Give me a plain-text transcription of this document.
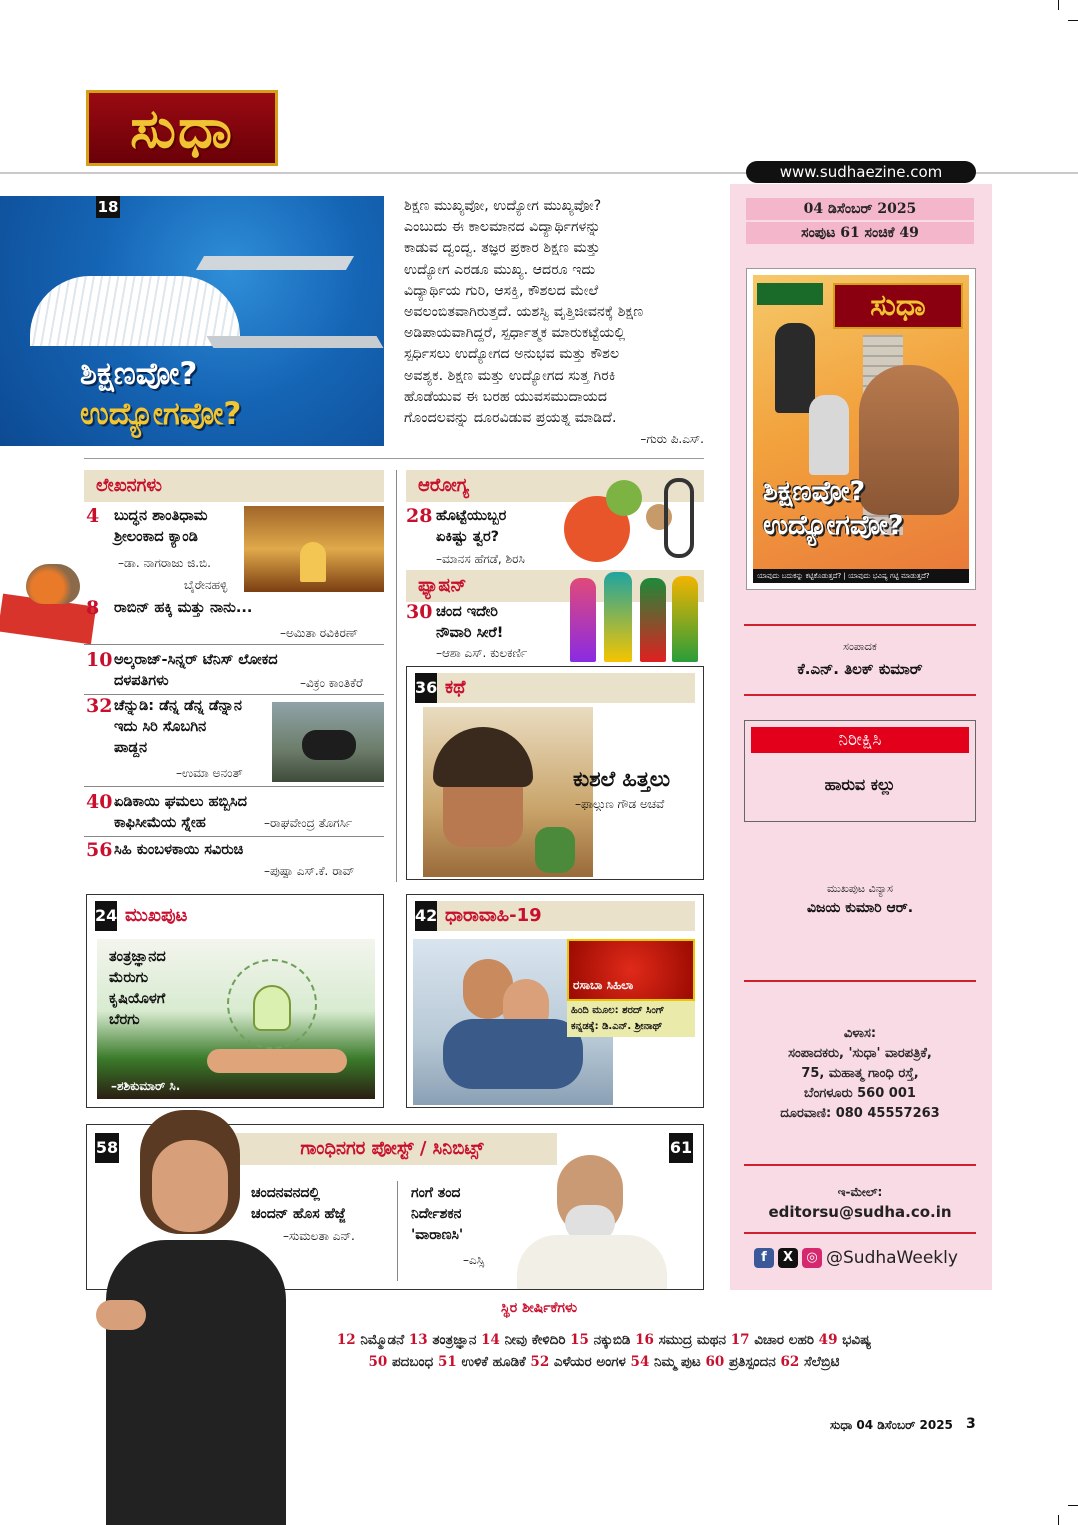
ಸುಧಾ
www.sudhaezine.com
18
ಶಿಕ್ಷಣವೋ?
ಉದ್ಯೋಗವೋ?
ಶಿಕ್ಷಣ ಮುಖ್ಯವೋ, ಉದ್ಯೋಗ ಮುಖ್ಯವೋ?
ಎಂಬುದು ಈ ಕಾಲಮಾನದ ವಿದ್ಯಾರ್ಥಿಗಳನ್ನು
ಕಾಡುವ ದ್ವಂದ್ವ. ತಜ್ಞರ ಪ್ರಕಾರ ಶಿಕ್ಷಣ ಮತ್ತು
ಉದ್ಯೋಗ ಎರಡೂ ಮುಖ್ಯ. ಆದರೂ ಇದು
ವಿದ್ಯಾರ್ಥಿಯ ಗುರಿ, ಆಸಕ್ತಿ, ಕೌಶಲದ ಮೇಲೆ
ಅವಲಂಬಿತವಾಗಿರುತ್ತದೆ. ಯಶಸ್ವಿ ವೃತ್ತಿಜೀವನಕ್ಕೆ ಶಿಕ್ಷಣ
ಅಡಿಪಾಯವಾಗಿದ್ದರೆ, ಸ್ಪರ್ಧಾತ್ಮಕ ಮಾರುಕಟ್ಟೆಯಲ್ಲಿ
ಸ್ಪರ್ಧಿಸಲು ಉದ್ಯೋಗದ ಅನುಭವ ಮತ್ತು ಕೌಶಲ
ಅವಶ್ಯಕ. ಶಿಕ್ಷಣ ಮತ್ತು ಉದ್ಯೋಗದ ಸುತ್ತ ಗಿರಕಿ
ಹೊಡೆಯುವ ಈ ಬರಹ ಯುವಸಮುದಾಯದ
ಗೊಂದಲವನ್ನು ದೂರವಿಡುವ ಪ್ರಯತ್ನ ಮಾಡಿದೆ.
–ಗುರು ಪಿ.ಎಸ್.
04 ಡಿಸೆಂಬರ್ 2025
ಸಂಪುಟ 61 ಸಂಚಿಕೆ 49
ಸುಧಾ
ಶಿಕ್ಷಣವೋ?
ಉದ್ಯೋಗವೋ?
ಯಾವುದು ಬದುಕನ್ನು ಕಟ್ಟಿಕೊಡುತ್ತದೆ? | ಯಾವುದು ಭವಿಷ್ಯ ಗಟ್ಟಿ ಮಾಡುತ್ತದೆ?
ಸಂಪಾದಕ
ಕೆ.ಎನ್. ತಿಲಕ್ ಕುಮಾರ್
ನಿರೀಕ್ಷಿಸಿ
ಹಾರುವ ಕಲ್ಲು
ಮುಖಪುಟ ವಿನ್ಯಾಸ
ವಿಜಯ ಕುಮಾರಿ ಆರ್.
ವಿಳಾಸ:
ಸಂಪಾದಕರು, 'ಸುಧಾ' ವಾರಪತ್ರಿಕೆ,
75, ಮಹಾತ್ಮ ಗಾಂಧಿ ರಸ್ತೆ,
ಬೆಂಗಳೂರು 560 001
ದೂರವಾಣಿ: 080 45557263
ಇ-ಮೇಲ್:
editorsu@sudha.co.in
f	X	◎ @SudhaWeekly
ಲೇಖನಗಳು
4	ಬುದ್ಧನ ಶಾಂತಿಧಾಮ
ಶ್ರೀಲಂಕಾದ ಕ್ಯಾಂಡಿ
–ಡಾ. ನಾಗರಾಜು ಜಿ.ಬಿ.
ಬೈರೇನಹಳ್ಳಿ
8	ರಾಬಿನ್ ಹಕ್ಕಿ ಮತ್ತು ನಾನು...
–ಅಮಿತಾ ರವಿಕಿರಣ್
10 ಅಲ್ಕರಾಜ್-ಸಿನ್ನರ್ ಟೆನಿಸ್ ಲೋಕದ
ದಳಪತಿಗಳು	–ವಿಕ್ರಂ ಕಾಂತಿಕೆರೆ
32 ಚೆನ್ನುಡಿ: ಡೆನ್ನ ಡೆನ್ನ ಡೆನ್ನಾನ
ಇದು ಸಿರಿ ಸೊಬಗಿನ
ಪಾಡ್ದನ
–ಉಮಾ ಅನಂತ್
40 ಏಡಿಕಾಯಿ ಘಮಲು ಹಬ್ಬಿಸಿದ
ಕಾಫಿಸೀಮೆಯ ಸ್ನೇಹ	–ರಾಘವೇಂದ್ರ ತೊಗರ್ಸಿ
56 ಸಿಹಿ ಕುಂಬಳಕಾಯಿ ಸವಿರುಚಿ
–ಪುಷ್ಪಾ ಎಸ್.ಕೆ. ರಾವ್
ಆರೋಗ್ಯ
28 ಹೊಟ್ಟೆಯುಬ್ಬರ
ಏಕಿಷ್ಟು ತ್ವರ?
–ಮಾನಸ ಹೆಗಡೆ, ಶಿರಸಿ
ಫ್ಯಾಷನ್
30 ಚಂದ ಇದೇರಿ
ನೌವಾರಿ ಸೀರೆ!
–ಆಶಾ ಎಸ್. ಕುಲಕರ್ಣಿ
36 ಕಥೆ
ಕುಶಲೆ ಹಿತ್ತಲು
–ಫಾಲ್ಗುಣ ಗೌಡ ಅಚವೆ
24 ಮುಖಪುಟ
ತಂತ್ರಜ್ಞಾನದ
ಮೆರುಗು
ಕೃಷಿಯೊಳಗೆ
ಬೆರಗು
–ಶಶಿಕುಮಾರ್ ಸಿ.
42 ಧಾರಾವಾಹಿ-19
ರಸಾಬಾ ಸಿಹಿಲಾ
ಹಿಂದಿ ಮೂಲ: ಶರದ್ ಸಿಂಗ್
ಕನ್ನಡಕ್ಕೆ: ಡಿ.ಎನ್. ಶ್ರೀನಾಥ್
58	61
ಗಾಂಧಿನಗರ ಪೋಸ್ಟ್ / ಸಿನಿಬಿಟ್ಸ್
ಚಂದನವನದಲ್ಲಿ
ಚಂದನ್ ಹೊಸ ಹೆಜ್ಜೆ
–ಸುಮಲತಾ ಎನ್.
ಗಂಗೆ ತಂದ
ನಿರ್ದೇಶಕನ
'ವಾರಾಣಸಿ'
–ಎಸ್ಸಿ
ಸ್ಥಿರ ಶೀರ್ಷಿಕೆಗಳು
12 ನಿಮ್ಮೊಡನೆ 13 ತಂತ್ರಜ್ಞಾನ 14 ನೀವು ಕೇಳಿದಿರಿ 15 ನಕ್ಕುಬಿಡಿ 16 ಸಮುದ್ರ ಮಥನ 17 ವಿಚಾರ ಲಹರಿ 49 ಭವಿಷ್ಯ
50 ಪದಬಂಧ 51 ಉಳಿಕೆ ಹೂಡಿಕೆ 52 ಎಳೆಯರ ಅಂಗಳ 54 ನಿಮ್ಮ ಪುಟ 60 ಪ್ರತಿಸ್ಪಂದನ 62 ಸೆಲೆಬ್ರಿಟಿ
ಸುಧಾ 04 ಡಿಸೆಂಬರ್ 2025 3
